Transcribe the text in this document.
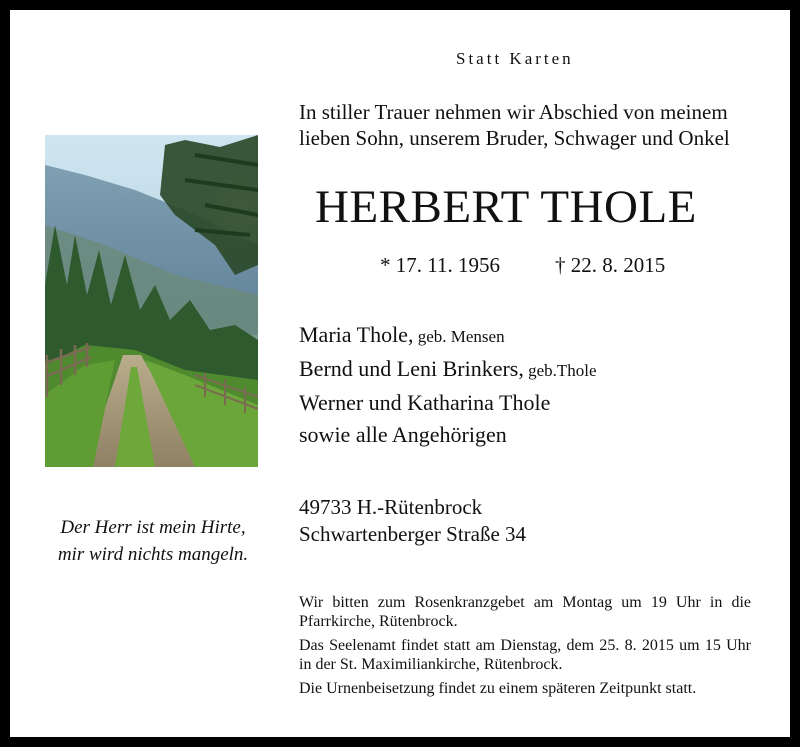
Statt Karten
In stiller Trauer nehmen wir Abschied von meinem lieben Sohn, unserem Bruder, Schwager und Onkel
HERBERT THOLE
* 17. 11. 1956	† 22. 8. 2015
Maria Thole, geb. Mensen
Bernd und Leni Brinkers, geb.Thole
Werner und Katharina Thole
sowie alle Angehörigen
49733 H.-Rütenbrock
Schwartenberger Straße 34

Wir bitten zum Rosenkranzgebet am Montag um 19 Uhr in die Pfarrkirche, Rütenbrock.

Das Seelenamt findet statt am Dienstag, dem 25. 8. 2015 um 15 Uhr in der St. Maximiliankirche, Rütenbrock.

Die Urnenbeisetzung findet zu einem späteren Zeitpunkt statt.

Der Herr ist mein Hirte,
mir wird nichts mangeln.
